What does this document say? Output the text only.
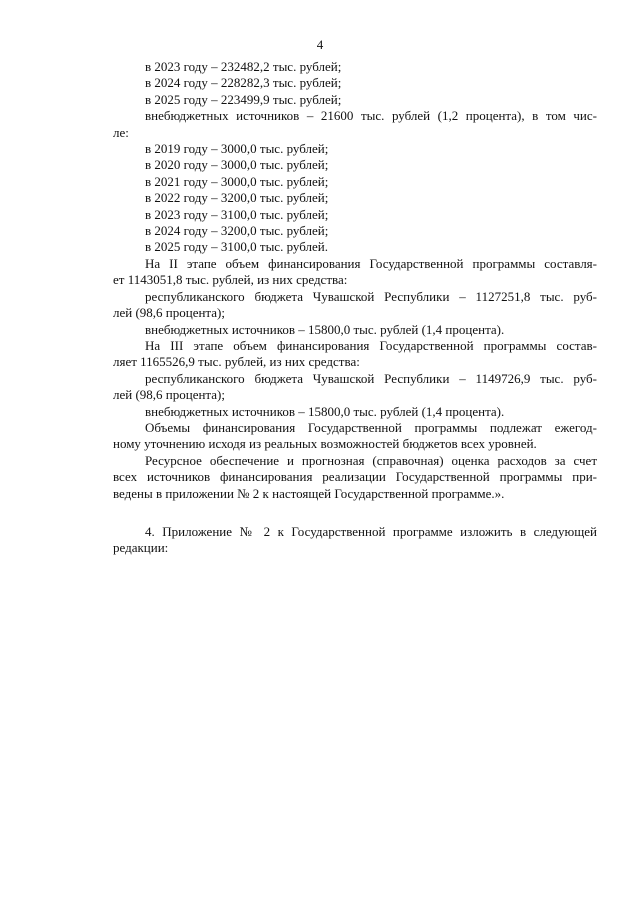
4
в 2023 году – 232482,2 тыс. рублей;
в 2024 году – 228282,3 тыс. рублей;
в 2025 году – 223499,9 тыс. рублей;
внебюджетных источников – 21600 тыс. рублей (1,2 процента), в том чис-
ле:
в 2019 году – 3000,0 тыс. рублей;
в 2020 году – 3000,0 тыс. рублей;
в 2021 году – 3000,0 тыс. рублей;
в 2022 году – 3200,0 тыс. рублей;
в 2023 году – 3100,0 тыс. рублей;
в 2024 году – 3200,0 тыс. рублей;
в 2025 году – 3100,0 тыс. рублей.
На II этапе объем финансирования Государственной программы составля-
ет 1143051,8 тыс. рублей, из них средства:
республиканского бюджета Чувашской Республики – 1127251,8 тыс. руб-
лей (98,6 процента);
внебюджетных источников – 15800,0 тыс. рублей (1,4 процента).
На III этапе объем финансирования Государственной программы состав-
ляет 1165526,9 тыс. рублей, из них средства:
республиканского бюджета Чувашской Республики – 1149726,9 тыс. руб-
лей (98,6 процента);
внебюджетных источников – 15800,0 тыс. рублей (1,4 процента).
Объемы финансирования Государственной программы подлежат ежегод-
ному уточнению исходя из реальных возможностей бюджетов всех уровней.
Ресурсное обеспечение и прогнозная (справочная) оценка расходов за счет
всех источников финансирования реализации Государственной программы при-
ведены в приложении № 2 к настоящей Государственной программе.».
4. Приложение № 2 к Государственной программе изложить в следующей
редакции:
